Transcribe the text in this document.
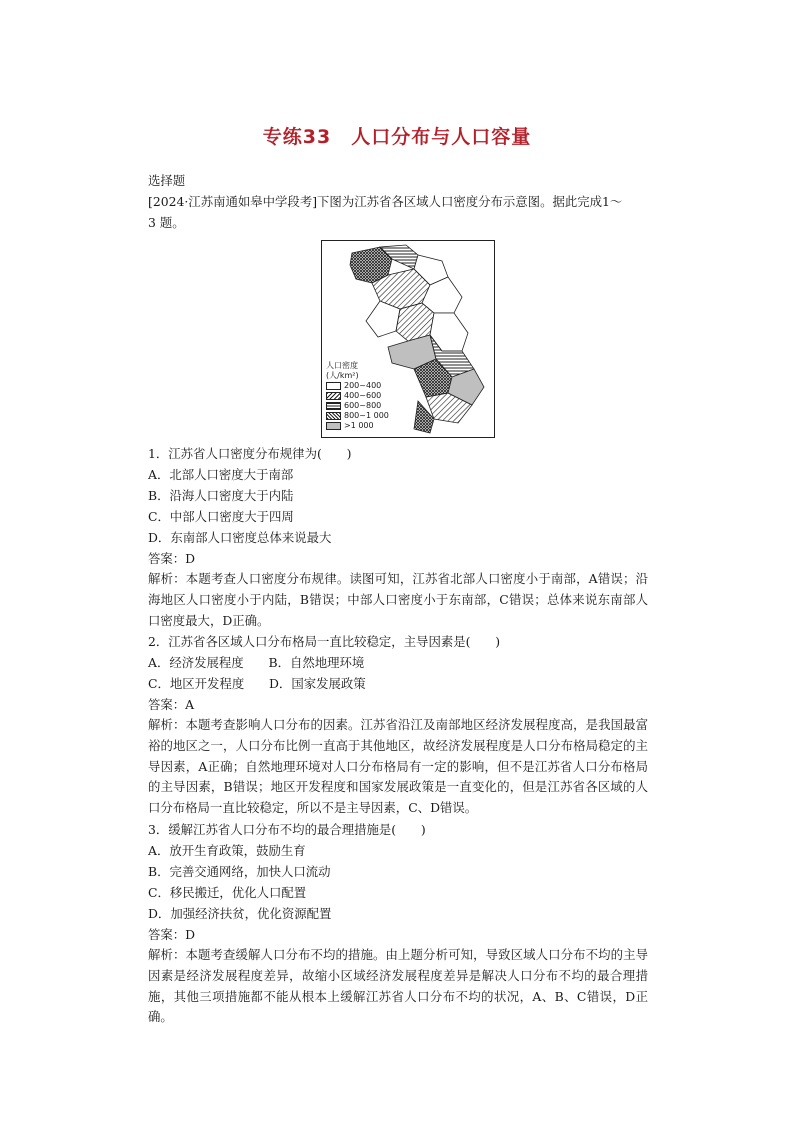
专练33　人口分布与人口容量
选择题
[2024·江苏南通如皋中学段考]下图为江苏省各区域人口密度分布示意图。据此完成1～
3 题。
人口密度
(人/km²)
200~400
400~600
600~800
800~1 000
>1 000
1．江苏省人口密度分布规律为(　　)
A．北部人口密度大于南部
B．沿海人口密度大于内陆
C．中部人口密度大于四周
D．东南部人口密度总体来说最大
答案：D
解析：本题考查人口密度分布规律。读图可知，江苏省北部人口密度小于南部，A错误；沿海地区人口密度小于内陆，B错误；中部人口密度小于东南部，C错误；总体来说东南部人口密度最大，D正确。
2．江苏省各区域人口分布格局一直比较稳定，主导因素是(　　)
A．经济发展程度　　B．自然地理环境
C．地区开发程度　　D．国家发展政策
答案：A
解析：本题考查影响人口分布的因素。江苏省沿江及南部地区经济发展程度高，是我国最富裕的地区之一，人口分布比例一直高于其他地区，故经济发展程度是人口分布格局稳定的主导因素，A正确；自然地理环境对人口分布格局有一定的影响，但不是江苏省人口分布格局的主导因素，B错误；地区开发程度和国家发展政策是一直变化的，但是江苏省各区域的人口分布格局一直比较稳定，所以不是主导因素，C、D错误。
3．缓解江苏省人口分布不均的最合理措施是(　　)
A．放开生育政策，鼓励生育
B．完善交通网络，加快人口流动
C．移民搬迁，优化人口配置
D．加强经济扶贫，优化资源配置
答案：D
解析：本题考查缓解人口分布不均的措施。由上题分析可知，导致区域人口分布不均的主导因素是经济发展程度差异，故缩小区域经济发展程度差异是解决人口分布不均的最合理措施，其他三项措施都不能从根本上缓解江苏省人口分布不均的状况，A、B、C错误，D正确。
